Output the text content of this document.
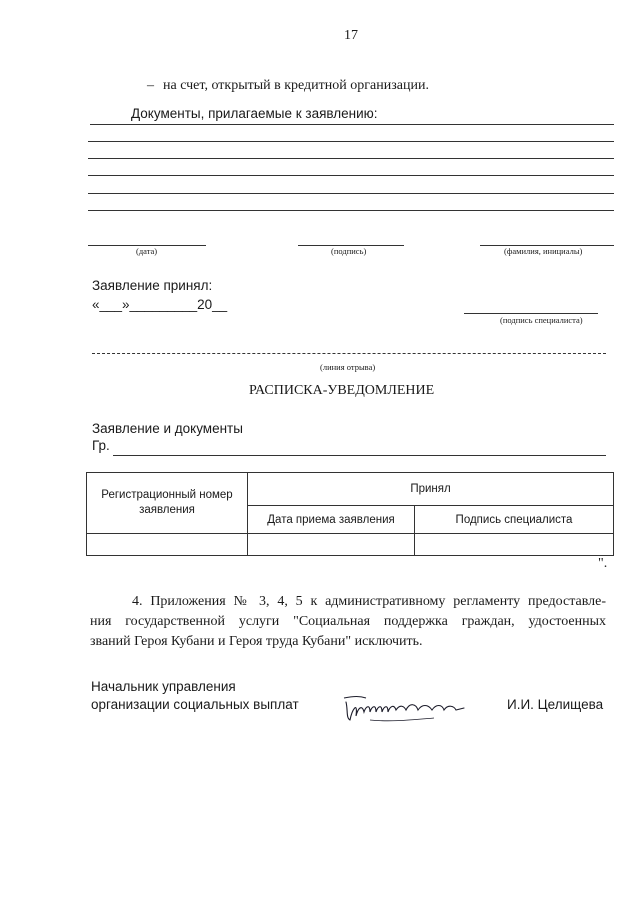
17
– на счет, открытый в кредитной организации.
Документы, прилагаемые к заявлению:
(дата)	(подпись)	(фамилия, инициалы)
Заявление принял:
«___»_________20__
(подпись специалиста)
(линия отрыва)
РАСПИСКА-УВЕДОМЛЕНИЕ
Заявление и документы
Гр.
Регистрационный номер заявления	Принял	
	Дата приема заявления	Подпись специалиста

".
4. Приложения № 3, 4, 5 к административному регламенту предоставле-
ния государственной услуги "Социальная поддержка граждан, удостоенных
званий Героя Кубани и Героя труда Кубани" исключить.
Начальник управления
организации социальных выплат	И.И. Целищева
